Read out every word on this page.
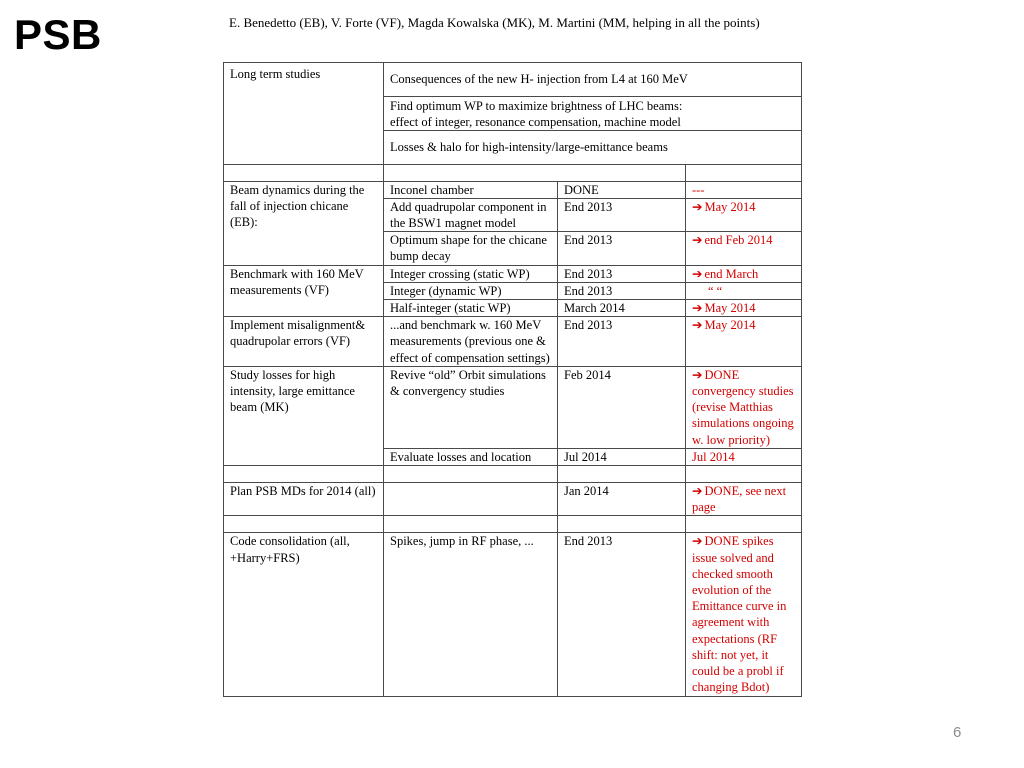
PSB	E. Benedetto (EB), V. Forte (VF), Magda Kowalska (MK), M. Martini (MM, helping in all the points)
Long term studies	Consequences of the new H- injection from L4 at 160 MeV		
	Find optimum WP to maximize brightness of LHC beams:
effect of integer, resonance compensation, machine model		
	Losses & halo for high-intensity/large-emittance beams		

Beam dynamics during the fall of injection chicane (EB):	Inconel chamber	DONE	---
	Add quadrupolar component in the BSW1 magnet model	End 2013	➔ May 2014
	Optimum shape for the chicane bump decay	End 2013	➔ end Feb 2014
Benchmark with 160 MeV measurements (VF)	Integer crossing (static WP)	End 2013	➔ end March
	Integer (dynamic WP)	End 2013	“ “
	Half-integer (static WP)	March 2014	➔ May 2014
Implement misalignment& quadrupolar errors (VF)	...and benchmark w. 160 MeV measurements (previous one & effect of compensation settings)	End 2013	➔ May 2014
Study losses for high intensity, large emittance beam (MK)	Revive “old” Orbit simulations & convergency studies	Feb 2014	➔ DONE convergency studies (revise Matthias simulations ongoing w. low priority)
	Evaluate losses and location	Jul 2014	Jul 2014

Plan PSB MDs for 2014 (all)		Jan 2014	➔ DONE, see next page

Code consolidation (all, +Harry+FRS)	Spikes, jump in RF phase, ...	End 2013	➔ DONE spikes issue solved and checked smooth evolution of the Emittance curve in agreement with expectations (RF shift: not yet, it could be a probl if changing Bdot)
6
